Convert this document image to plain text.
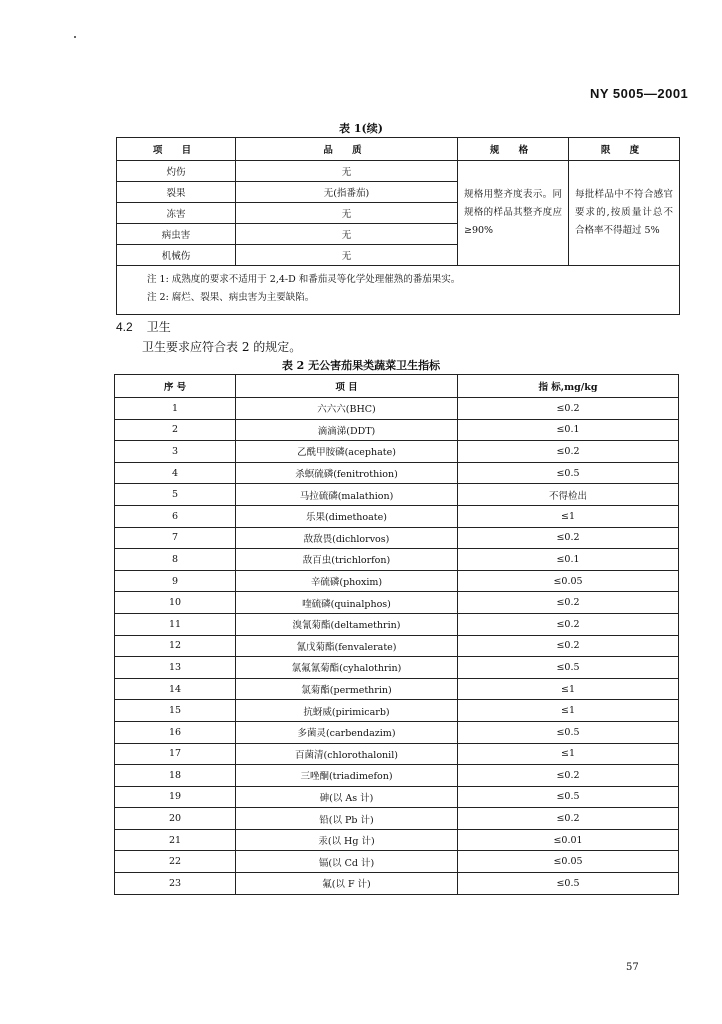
NY 5005—2001
表 1(续)
项 目	品 质	规 格	限 度
灼伤	无	规格用整齐度表示。同规格的样品其整齐度应≥90%	每批样品中不符合感官要求的,按质量计总不合格率不得超过 5%
裂果	无(指番茄)		
冻害	无		
病虫害	无		
机械伤	无		

注 1: 成熟度的要求不适用于 2,4-D 和番茄灵等化学处理催熟的番茄果实。
注 2: 腐烂、裂果、病虫害为主要缺陷。			
4.2 卫生
卫生要求应符合表 2 的规定。
表 2 无公害茄果类蔬菜卫生指标
序 号	项 目	指 标,mg/kg
1	六六六(BHC)	≤0.2
2	滴滴涕(DDT)	≤0.1
3	乙酰甲胺磷(acephate)	≤0.2
4	杀螟硫磷(fenitrothion)	≤0.5
5	马拉硫磷(malathion)	不得检出
6	乐果(dimethoate)	≤1
7	敌敌畏(dichlorvos)	≤0.2
8	敌百虫(trichlorfon)	≤0.1
9	辛硫磷(phoxim)	≤0.05
10	喹硫磷(quinalphos)	≤0.2
11	溴氰菊酯(deltamethrin)	≤0.2
12	氰戊菊酯(fenvalerate)	≤0.2
13	氯氟氰菊酯(cyhalothrin)	≤0.5
14	氯菊酯(permethrin)	≤1
15	抗蚜威(pirimicarb)	≤1
16	多菌灵(carbendazim)	≤0.5
17	百菌清(chlorothalonil)	≤1
18	三唑酮(triadimefon)	≤0.2
19	砷(以 As 计)	≤0.5
20	铅(以 Pb 计)	≤0.2
21	汞(以 Hg 计)	≤0.01
22	镉(以 Cd 计)	≤0.05
23	氟(以 F 计)	≤0.5
57
